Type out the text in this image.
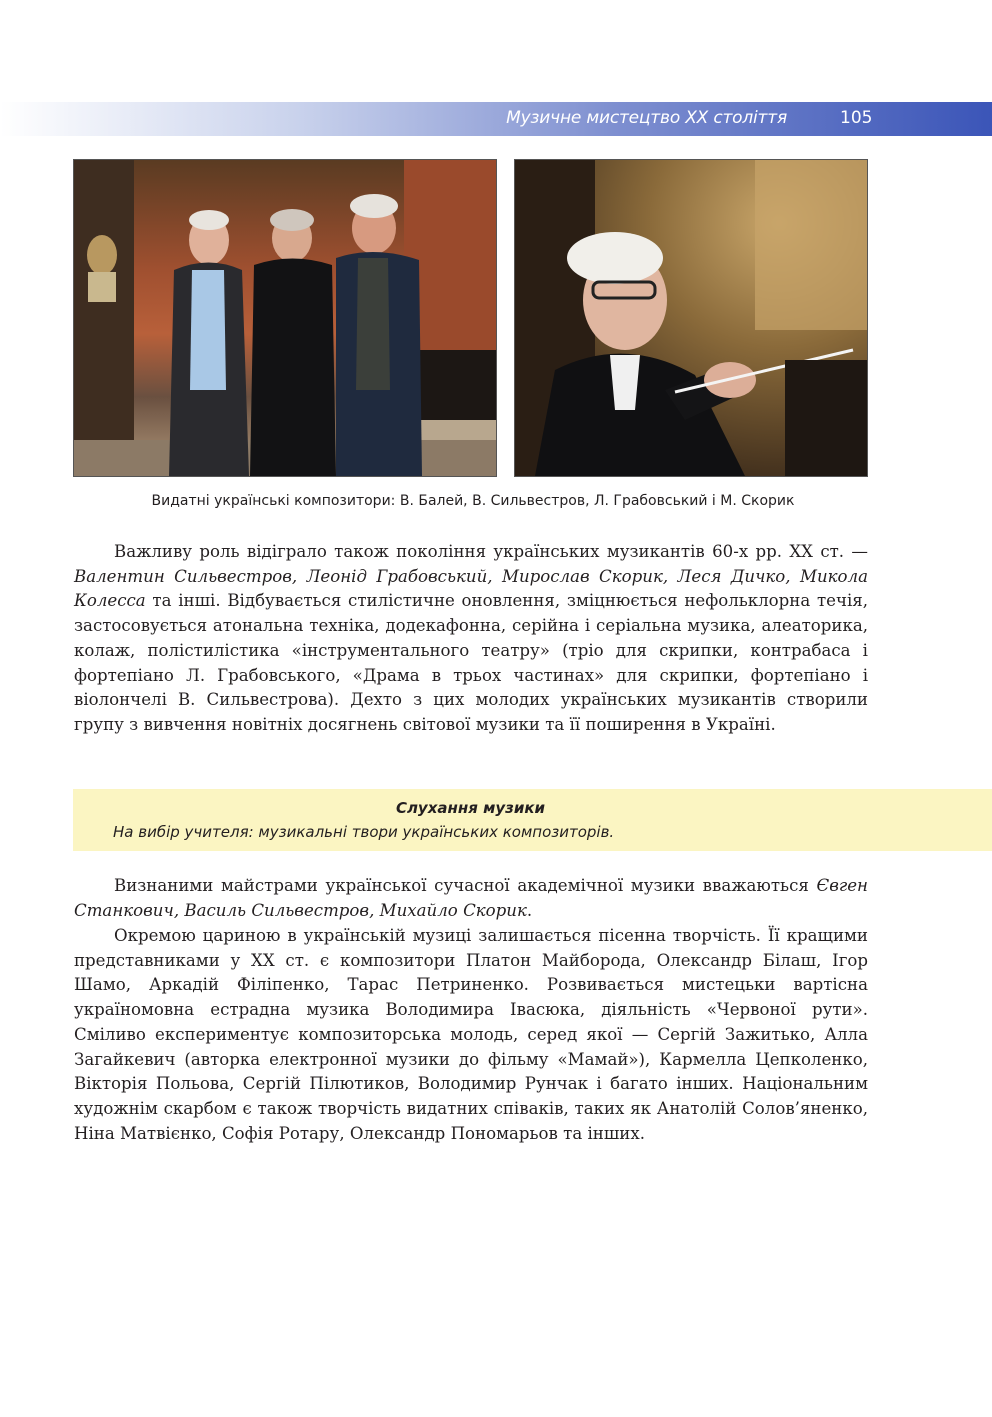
Музичне мистецтво ХХ століття	105
Видатні українські композитори: В. Балей, В. Сильвестров, Л. Грабовський і М. Скорик

Важливу роль відіграло також покоління українських музикантів 60-х рр. ХХ ст. — Валентин Сильвестров, Леонід Грабовський, Мирослав Скорик, Леся Дичко, Микола Колесса та інші. Відбувається стилістичне оновлення, зміцнюється нефольклорна течія, застосовується атональна техніка, додекафонна, серійна і серіальна музика, алеаторика, колаж, полістилістика «інструментального театру» (тріо для скрипки, контрабаса і фортепіано Л. Грабовського, «Драма в трьох частинах» для скрипки, фортепіано і віолончелі В. Сильвестрова). Дехто з цих молодих українських музикантів створили групу з вивчення новітніх досягнень світової музики та її поширення в Україні.

Слухання музики
На вибір учителя: музикальні твори українських композиторів.

Визнаними майстрами української сучасної академічної музики вважаються Євген Станкович, Василь Сильвестров, Михайло Скорик.

Окремою цариною в українській музиці залишається пісенна творчість. Її кращими представниками у ХХ ст. є композитори Платон Майборода, Олександр Білаш, Ігор Шамо, Аркадій Філіпенко, Тарас Петриненко. Розвивається мистецьки вартісна україномовна естрадна музика Володимира Івасюка, діяльність «Червоної рути». Сміливо експериментує композиторська молодь, серед якої — Сергій Зажитько, Алла Загайкевич (авторка електронної музики до фільму «Мамай»), Кармелла Цепколенко, Вікторія Польова, Сергій Пілютиков, Володимир Рунчак і багато інших. Національним художнім скарбом є також творчість видатних співаків, таких як Анатолій Солов’яненко, Ніна Матвієнко, Софія Ротару, Олександр Пономарьов та інших.
